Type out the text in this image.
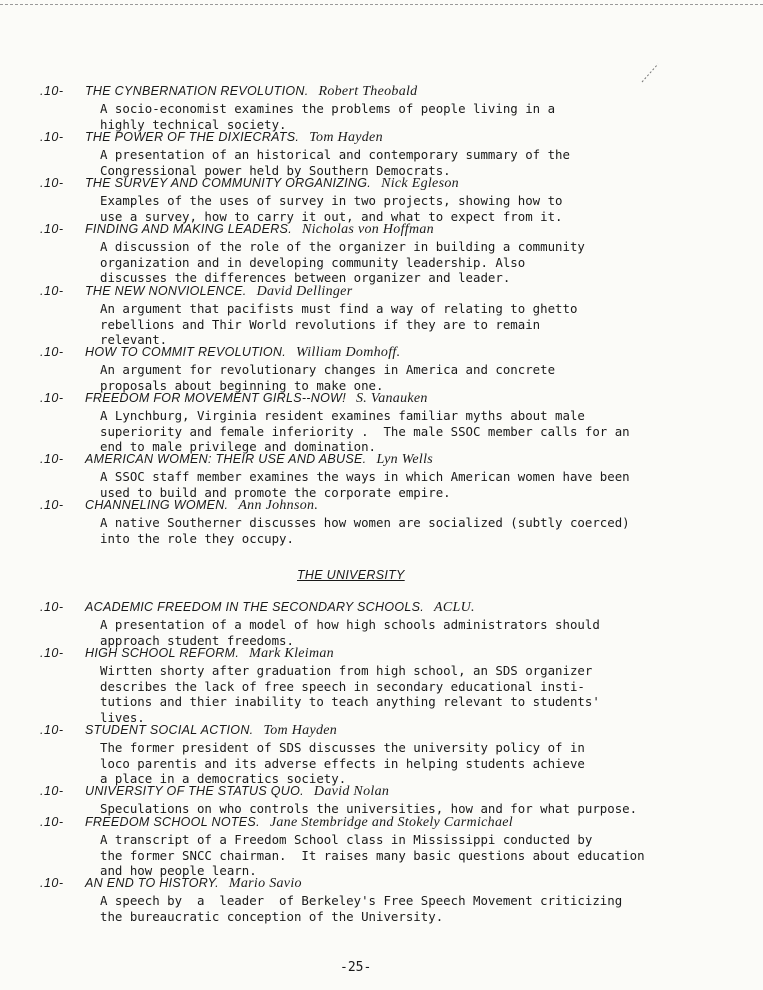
THE UNIVERSITY
-25-
.10- THE CYNBERNATION REVOLUTION. Robert Theobald
A socio-economist examines the problems of people living in a
highly technical society.
.10- THE POWER OF THE DIXIECRATS. Tom Hayden
A presentation of an historical and contemporary summary of the
Congressional power held by Southern Democrats.
.10- THE SURVEY AND COMMUNITY ORGANIZING. Nick Egleson
Examples of the uses of survey in two projects, showing how to
use a survey, how to carry it out, and what to expect from it.
.10- FINDING AND MAKING LEADERS. Nicholas von Hoffman
A discussion of the role of the organizer in building a community
organization and in developing community leadership. Also
discusses the differences between organizer and leader.
.10- THE NEW NONVIOLENCE. David Dellinger
An argument that pacifists must find a way of relating to ghetto
rebellions and Thir World revolutions if they are to remain
relevant.
.10- HOW TO COMMIT REVOLUTION. William Domhoff.
An argument for revolutionary changes in America and concrete
proposals about beginning to make one.
.10- FREEDOM FOR MOVEMENT GIRLS--NOW! S. Vanauken
A Lynchburg, Virginia resident examines familiar myths about male
superiority and female inferiority .  The male SSOC member calls for an
end to male privilege and domination.
.10- AMERICAN WOMEN: THEIR USE AND ABUSE. Lyn Wells
A SSOC staff member examines the ways in which American women have been
used to build and promote the corporate empire.
.10- CHANNELING WOMEN. Ann Johnson.
A native Southerner discusses how women are socialized (subtly coerced)
into the role they occupy.
.10- ACADEMIC FREEDOM IN THE SECONDARY SCHOOLS. ACLU.
A presentation of a model of how high schools administrators should
approach student freedoms.
.10- HIGH SCHOOL REFORM. Mark Kleiman
Wirtten shorty after graduation from high school, an SDS organizer
describes the lack of free speech in secondary educational insti-
tutions and thier inability to teach anything relevant to students'
lives.
.10- STUDENT SOCIAL ACTION. Tom Hayden
The former president of SDS discusses the university policy of in
loco parentis and its adverse effects in helping students achieve
a place in a democratics society.
.10- UNIVERSITY OF THE STATUS QUO. David Nolan
Speculations on who controls the universities, how and for what purpose.
.10- FREEDOM SCHOOL NOTES. Jane Stembridge and Stokely Carmichael
A transcript of a Freedom School class in Mississippi conducted by
the former SNCC chairman.  It raises many basic questions about education
and how people learn.
.10- AN END TO HISTORY. Mario Savio
A speech by  a  leader  of Berkeley's Free Speech Movement criticizing
the bureaucratic conception of the University.
